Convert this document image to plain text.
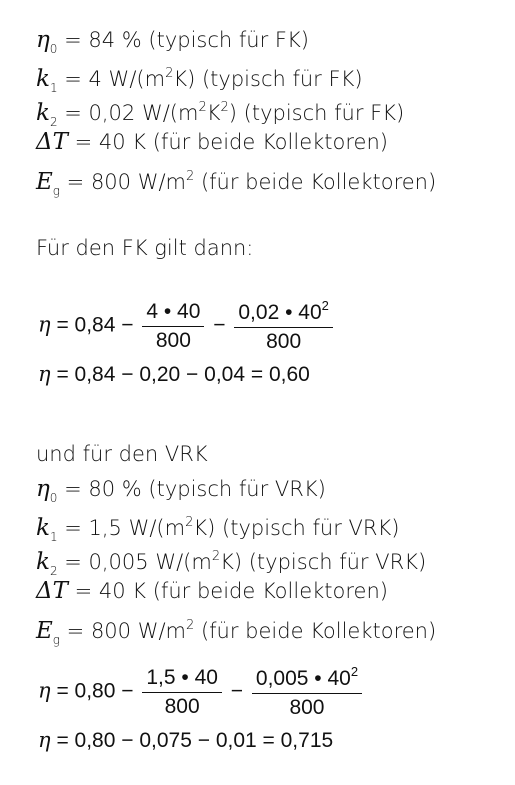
$\eta_0 = 84$ % (typisch für FK)
$k_1 = 4$ $W/(m^2K)$ (typisch für FK)
$k_2 = 0,02$ $W/(m^2K^2)$ (typisch für FK)
ΔT = 40 K (für beide Kollektoren)
$E_g = 800$ $W/m^2$ (für beide Kollektoren)
Für den FK gilt dann:
$\eta = 0,84 - \frac{4 • 40}{800} - \frac{0,02 • 40^2}{800}$
η = 0,84 − 0,20 − 0,04 = 0,60
und für den VRK
$\eta_0 = 80$ % (typisch für VRK)
$k_1 = 1,5$ $W/(m^2K)$ (typisch für VRK)
$k_2 = 0,005$ $W/(m^2K)$ (typisch für VRK)
ΔT = 40 K (für beide Kollektoren)
$E_g = 800$ $W/m^2$ (für beide Kollektoren)
$\eta = 0,80 - \frac{1,5 • 40}{800} - \frac{0,005 • 40^2}{800}$
η = 0,80 − 0,075 − 0,01 = 0,715
